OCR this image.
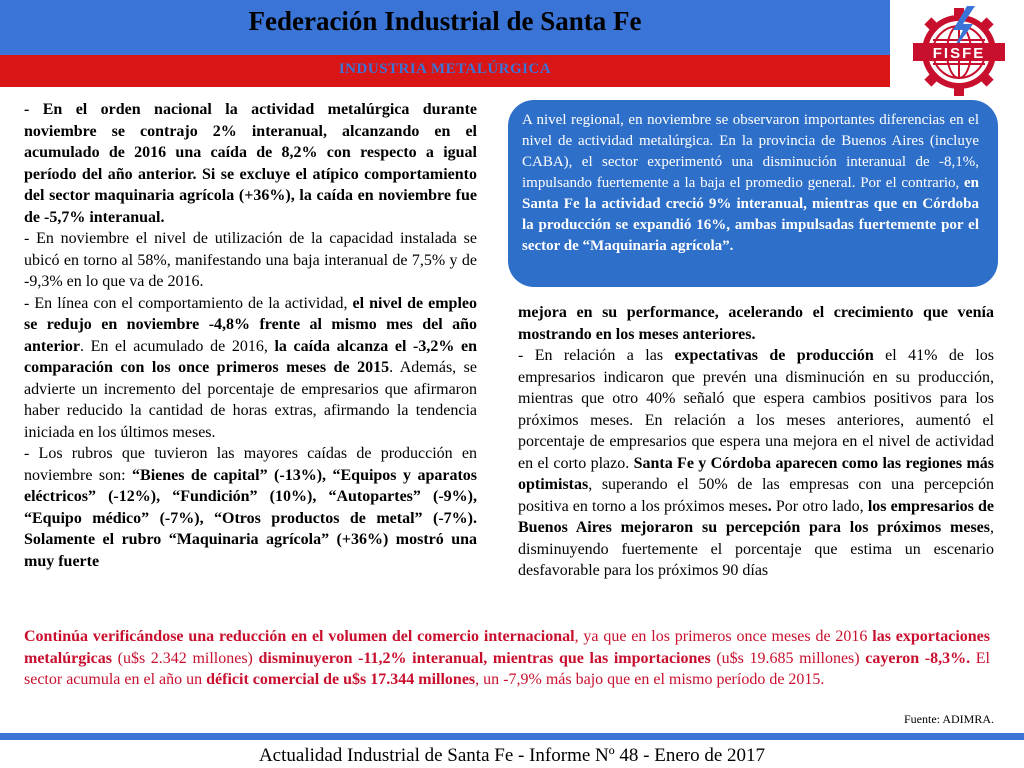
Federación Industrial de Santa Fe
INDUSTRIA METALÚRGICA
FISFE

- En el orden nacional la actividad metalúrgica durante noviembre se contrajo 2% interanual, alcanzando en el acumulado de 2016 una caída de 8,2% con respecto a igual período del año anterior. Si se excluye el atípico comportamiento del sector maquinaria agrícola (+36%), la caída en noviembre fue de -5,7% interanual.

- En noviembre el nivel de utilización de la capacidad instalada se ubicó en torno al 58%, manifestando una baja interanual de 7,5% y de -9,3% en lo que va de 2016.

- En línea con el comportamiento de la actividad, el nivel de empleo se redujo en noviembre -4,8% frente al mismo mes del año anterior. En el acumulado de 2016, la caída alcanza el -3,2% en comparación con los once primeros meses de 2015. Además, se advierte un incremento del porcentaje de empresarios que afirmaron haber reducido la cantidad de horas extras, afirmando la tendencia iniciada en los últimos meses.

- Los rubros que tuvieron las mayores caídas de producción en noviembre son: “Bienes de capital” (-13%), “Equipos y aparatos eléctricos” (-12%), “Fundición” (10%), “Autopartes” (-9%), “Equipo médico” (-7%), “Otros productos de metal” (-7%). Solamente el rubro “Maquinaria agrícola” (+36%) mostró una muy fuerte

A nivel regional, en noviembre se observaron importantes diferencias en el nivel de actividad metalúrgica. En la provincia de Buenos Aires (incluye CABA), el sector experimentó una disminución interanual de -8,1%, impulsando fuertemente a la baja el promedio general. Por el contrario, en Santa Fe la actividad creció 9% interanual, mientras que en Córdoba la producción se expandió 16%, ambas impulsadas fuertemente por el sector de “Maquinaria agrícola”.

mejora en su performance, acelerando el crecimiento que venía mostrando en los meses anteriores.

- En relación a las expectativas de producción el 41% de los empresarios indicaron que prevén una disminución en su producción, mientras que otro 40% señaló que espera cambios positivos para los próximos meses. En relación a los meses anteriores, aumentó el porcentaje de empresarios que espera una mejora en el nivel de actividad en el corto plazo. Santa Fe y Córdoba aparecen como las regiones más optimistas, superando el 50% de las empresas con una percepción positiva en torno a los próximos meses. Por otro lado, los empresarios de Buenos Aires mejoraron su percepción para los próximos meses, disminuyendo fuertemente el porcentaje que estima un escenario desfavorable para los próximos 90 días

Continúa verificándose una reducción en el volumen del comercio internacional, ya que en los primeros once meses de 2016 las exportaciones metalúrgicas (u$s 2.342 millones) disminuyeron -11,2% interanual, mientras que las importaciones (u$s 19.685 millones) cayeron -8,3%. El sector acumula en el año un déficit comercial de u$s 17.344 millones, un -7,9% más bajo que en el mismo período de 2015.
Fuente: ADIMRA.
Actualidad Industrial de Santa Fe - Informe Nº 48 - Enero de 2017
